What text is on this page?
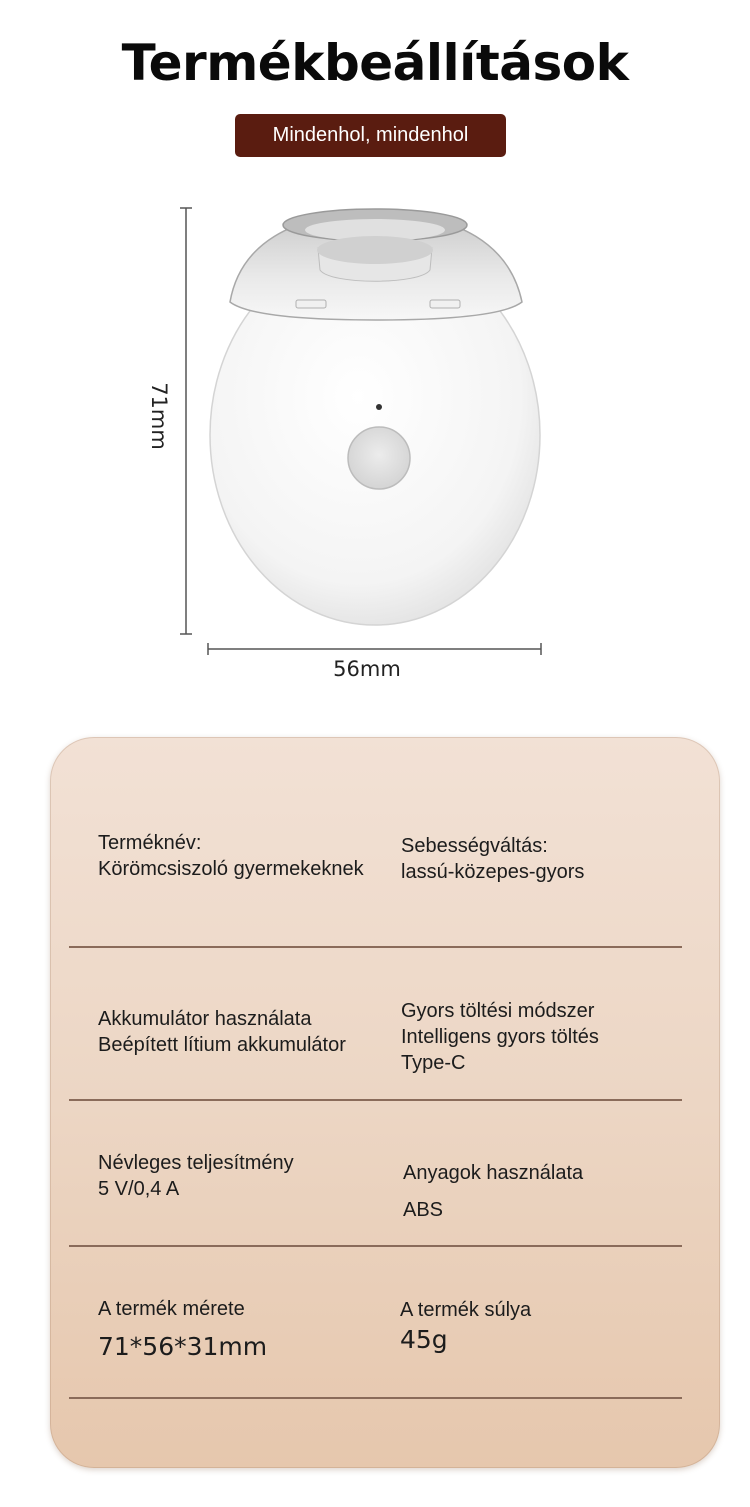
Termékbeállítások
Mindenhol, mindenhol
71mm
56mm
Terméknév:
Körömcsiszoló gyermekeknek
Sebességváltás:
lassú-közepes-gyors
Akkumulátor használata
Beépített lítium akkumulátor
Gyors töltési módszer
Intelligens gyors töltés
Type-C
Névleges teljesítmény
5 V/0,4 A
Anyagok használata
ABS
A termék mérete
71*56*31mm
A termék súlya
45g
